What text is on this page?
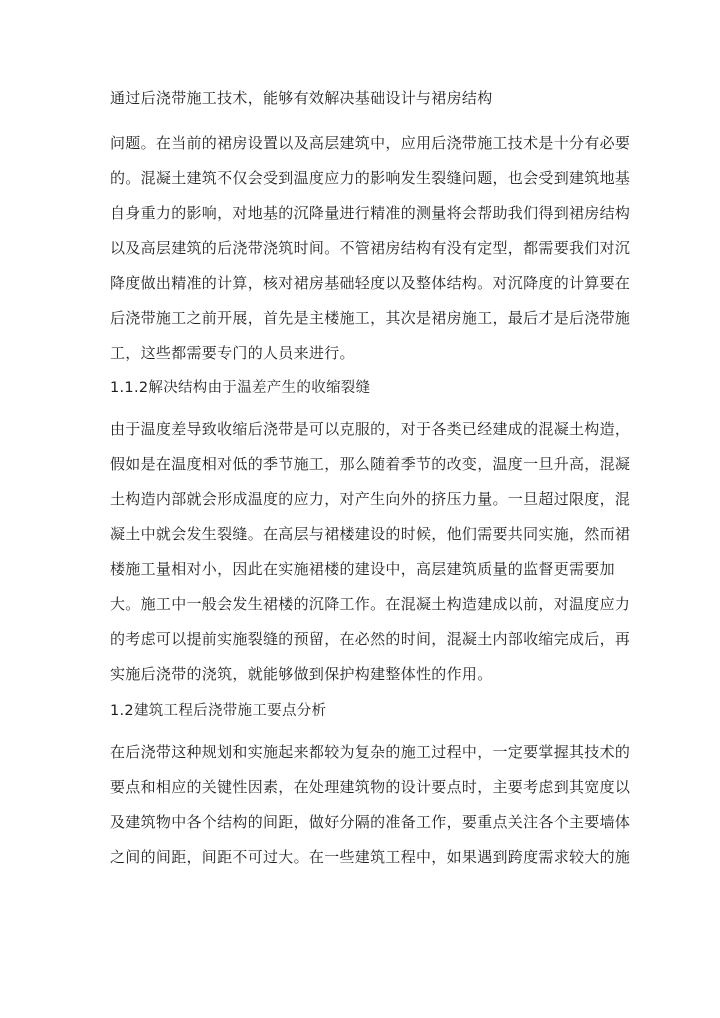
通过后浇带施工技术，能够有效解决基础设计与裙房结构
问题。在当前的裙房设置以及高层建筑中，应用后浇带施工技术是十分有必要
的。混凝土建筑不仅会受到温度应力的影响发生裂缝问题，也会受到建筑地基
自身重力的影响，对地基的沉降量进行精准的测量将会帮助我们得到裙房结构
以及高层建筑的后浇带浇筑时间。不管裙房结构有没有定型，都需要我们对沉
降度做出精准的计算，核对裙房基础轻度以及整体结构。对沉降度的计算要在
后浇带施工之前开展，首先是主楼施工，其次是裙房施工，最后才是后浇带施
工，这些都需要专门的人员来进行。
1.1.2解决结构由于温差产生的收缩裂缝
由于温度差导致收缩后浇带是可以克服的，对于各类已经建成的混凝土构造，
假如是在温度相对低的季节施工，那么随着季节的改变，温度一旦升高，混凝
土构造内部就会形成温度的应力，对产生向外的挤压力量。一旦超过限度，混
凝土中就会发生裂缝。在高层与裙楼建设的时候，他们需要共同实施，然而裙
楼施工量相对小，因此在实施裙楼的建设中，高层建筑质量的监督更需要加
大。施工中一般会发生裙楼的沉降工作。在混凝土构造建成以前，对温度应力
的考虑可以提前实施裂缝的预留，在必然的时间，混凝土内部收缩完成后，再
实施后浇带的浇筑，就能够做到保护构建整体性的作用。
1.2建筑工程后浇带施工要点分析
在后浇带这种规划和实施起来都较为复杂的施工过程中，一定要掌握其技术的
要点和相应的关键性因素，在处理建筑物的设计要点时，主要考虑到其宽度以
及建筑物中各个结构的间距，做好分隔的准备工作，要重点关注各个主要墙体
之间的间距，间距不可过大。在一些建筑工程中，如果遇到跨度需求较大的施
